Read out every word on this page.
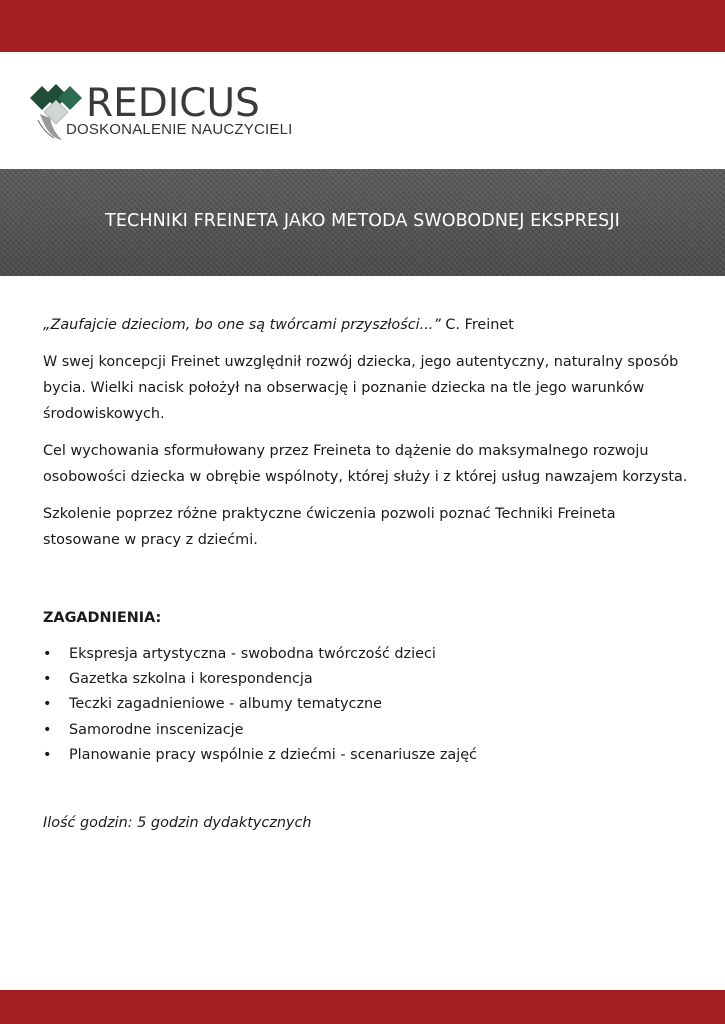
REDICUS
DOSKONALENIE NAUCZYCIELI
TECHNIKI FREINETA JAKO METODA SWOBODNEJ EKSPRESJI

„Zaufajcie dzieciom, bo one są twórcami przyszłości...” C. Freinet

W swej koncepcji Freinet uwzględnił rozwój dziecka, jego autentyczny, naturalny sposób bycia. Wielki nacisk położył na obserwację i poznanie dziecka na tle jego warunków środowiskowych.

Cel wychowania sformułowany przez Freineta to dążenie do maksymalnego rozwoju osobowości dziecka w obrębie wspólnoty, której służy i z której usług nawzajem korzysta.

Szkolenie poprzez różne praktyczne ćwiczenia pozwoli poznać Techniki Freineta stosowane w pracy z dziećmi.

ZAGADNIENIA:

• Ekspresja artystyczna - swobodna twórczość dzieci
• Gazetka szkolna i korespondencja
• Teczki zagadnieniowe - albumy tematyczne
• Samorodne inscenizacje
• Planowanie pracy wspólnie z dziećmi - scenariusze zajęć

Ilość godzin: 5 godzin dydaktycznych
